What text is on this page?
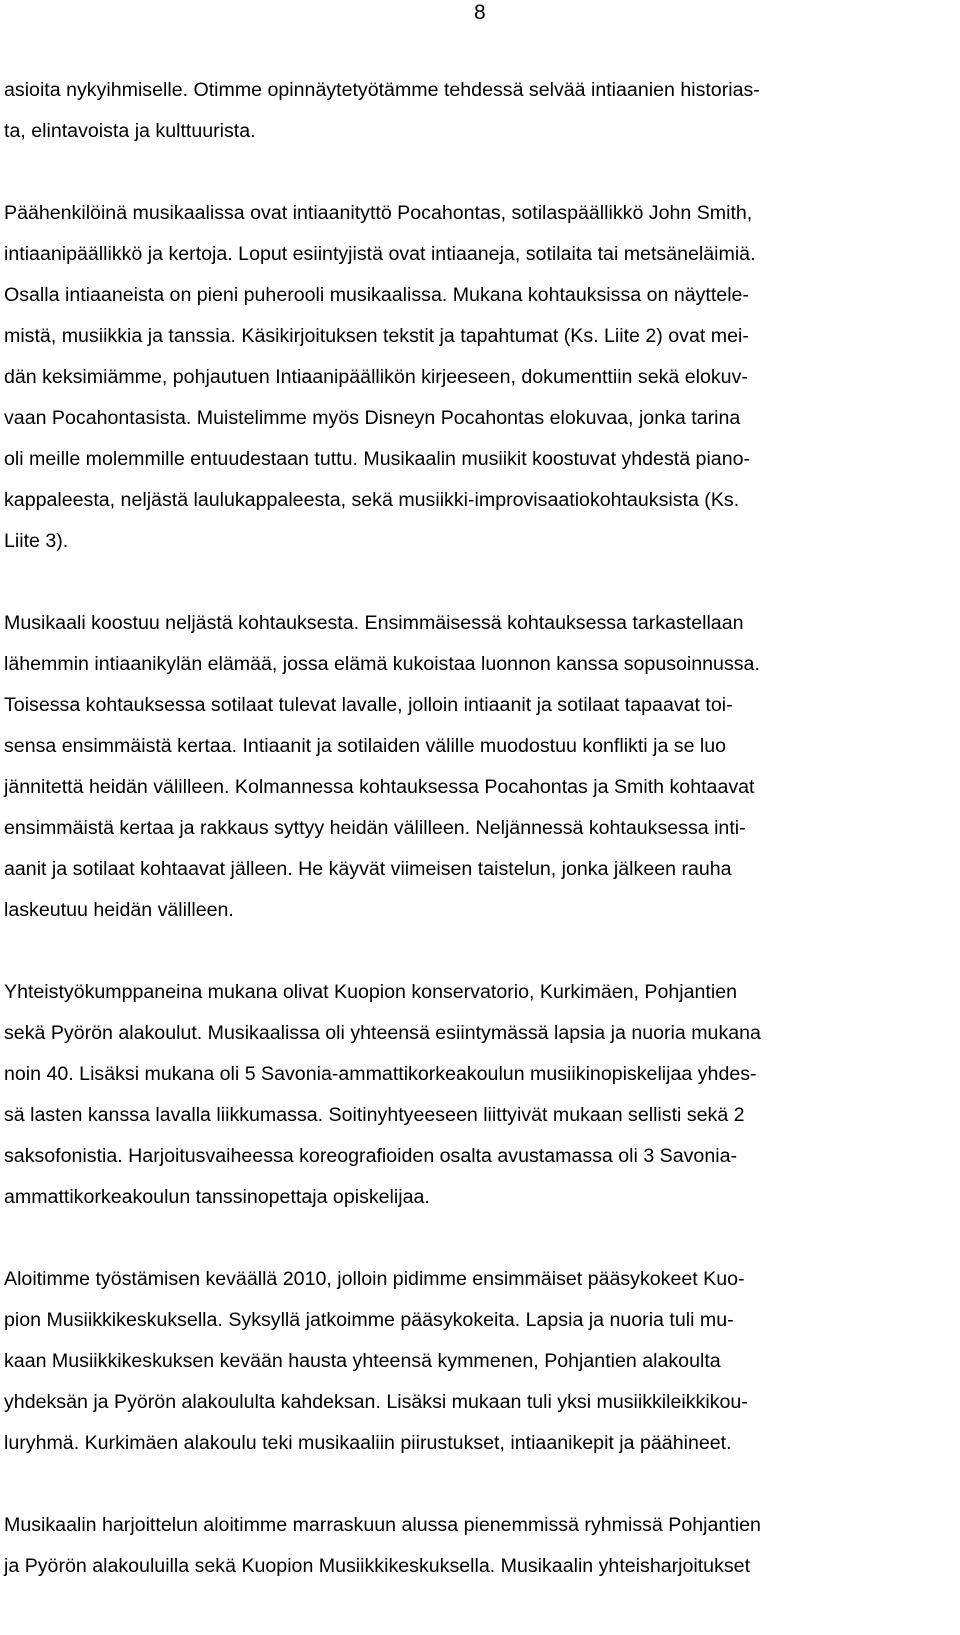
8
asioita nykyihmiselle. Otimme opinnäytetyötämme tehdessä selvää intiaanien historias-
ta, elintavoista ja kulttuurista.
Päähenkilöinä musikaalissa ovat intiaanityttö Pocahontas, sotilaspäällikkö John Smith,
intiaanipäällikkö ja kertoja. Loput esiintyjistä ovat intiaaneja, sotilaita tai metsäneläimiä.
Osalla intiaaneista on pieni puherooli musikaalissa. Mukana kohtauksissa on näyttele-
mistä, musiikkia ja tanssia. Käsikirjoituksen tekstit ja tapahtumat (Ks. Liite 2) ovat mei-
dän keksimiämme, pohjautuen Intiaanipäällikön kirjeeseen, dokumenttiin sekä elokuv-
vaan Pocahontasista. Muistelimme myös Disneyn Pocahontas elokuvaa, jonka tarina
oli meille molemmille entuudestaan tuttu. Musikaalin musiikit koostuvat yhdestä piano-
kappaleesta, neljästä laulukappaleesta, sekä musiikki-improvisaatiokohtauksista (Ks.
Liite 3).
Musikaali koostuu neljästä kohtauksesta. Ensimmäisessä kohtauksessa tarkastellaan
lähemmin intiaanikylän elämää, jossa elämä kukoistaa luonnon kanssa sopusoinnussa.
Toisessa kohtauksessa sotilaat tulevat lavalle, jolloin intiaanit ja sotilaat tapaavat toi-
sensa ensimmäistä kertaa. Intiaanit ja sotilaiden välille muodostuu konflikti ja se luo
jännitettä heidän välilleen. Kolmannessa kohtauksessa Pocahontas ja Smith kohtaavat
ensimmäistä kertaa ja rakkaus syttyy heidän välilleen. Neljännessä kohtauksessa inti-
aanit ja sotilaat kohtaavat jälleen. He käyvät viimeisen taistelun, jonka jälkeen rauha
laskeutuu heidän välilleen.
Yhteistyökumppaneina mukana olivat Kuopion konservatorio, Kurkimäen, Pohjantien
sekä Pyörön alakoulut. Musikaalissa oli yhteensä esiintymässä lapsia ja nuoria mukana
noin 40. Lisäksi mukana oli 5 Savonia-ammattikorkeakoulun musiikinopiskelijaa yhdes-
sä lasten kanssa lavalla liikkumassa. Soitinyhtyeeseen liittyivät mukaan sellisti sekä 2
saksofonistia. Harjoitusvaiheessa koreografioiden osalta avustamassa oli 3 Savonia-
ammattikorkeakoulun tanssinopettaja opiskelijaa.
Aloitimme työstämisen keväällä 2010, jolloin pidimme ensimmäiset pääsykokeet Kuo-
pion Musiikkikeskuksella. Syksyllä jatkoimme pääsykokeita. Lapsia ja nuoria tuli mu-
kaan Musiikkikeskuksen kevään hausta yhteensä kymmenen, Pohjantien alakoulta
yhdeksän ja Pyörön alakoululta kahdeksan. Lisäksi mukaan tuli yksi musiikkileikkikou-
luryhmä. Kurkimäen alakoulu teki musikaaliin piirustukset, intiaanikepit ja päähineet.
Musikaalin harjoittelun aloitimme marraskuun alussa pienemmissä ryhmissä Pohjantien
ja Pyörön alakouluilla sekä Kuopion Musiikkikeskuksella. Musikaalin yhteisharjoitukset
